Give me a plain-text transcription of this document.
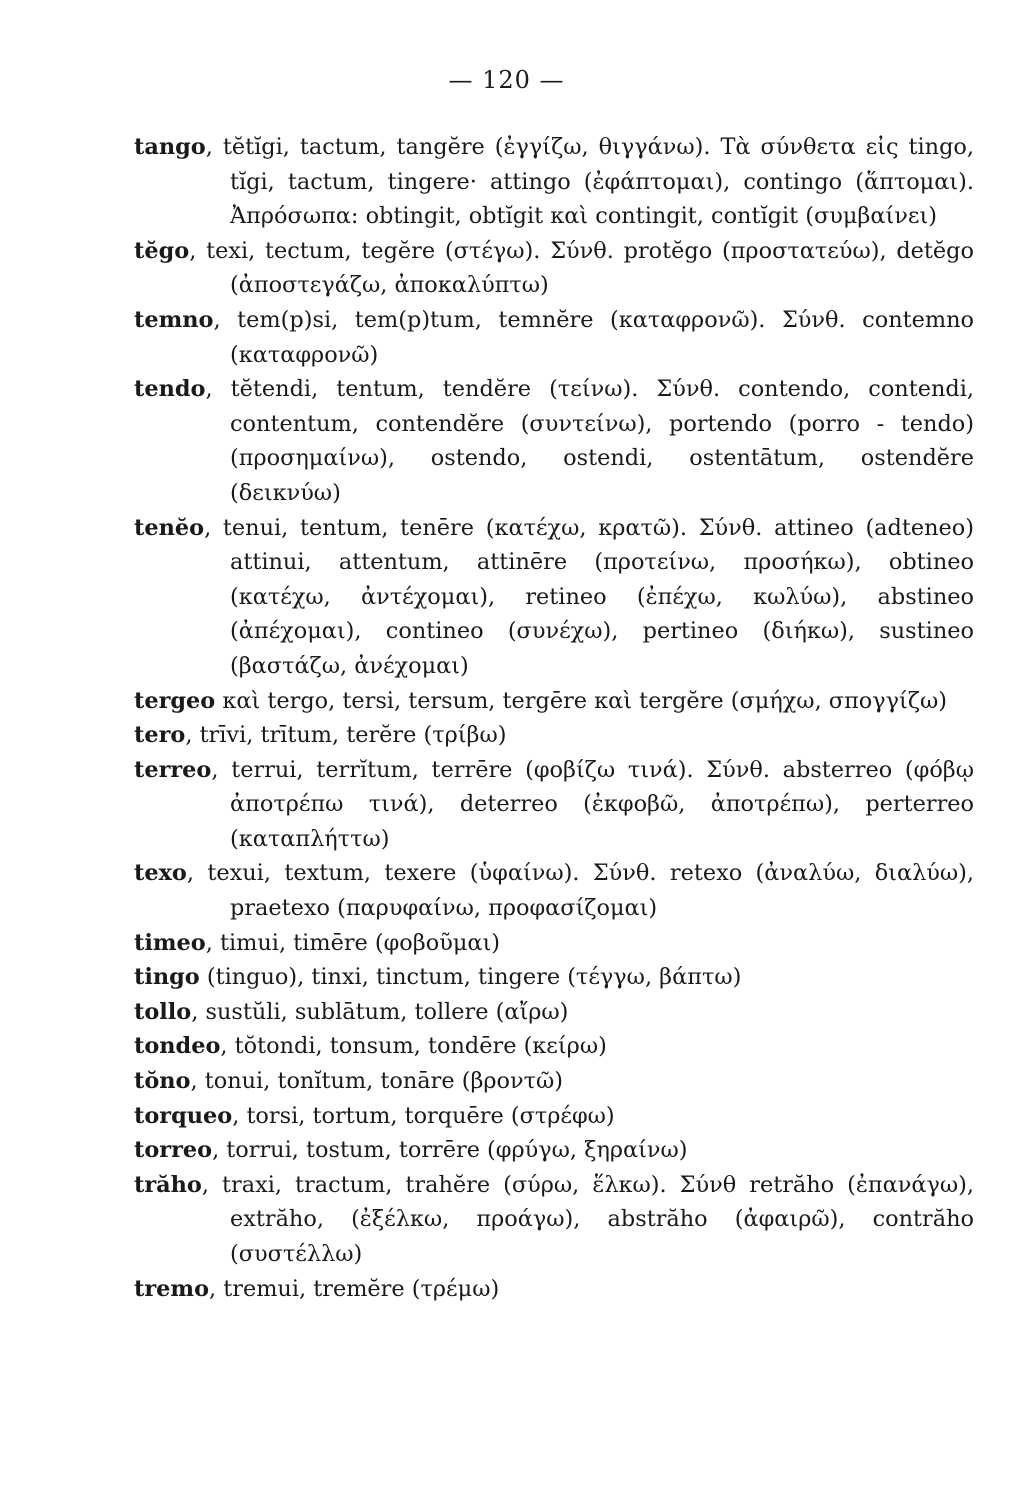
— 120 —
tango, tĕtĭgi, tactum, tangĕre (ἐγγίζω, θιγγάνω). Τὰ σύνθετα εἰς tingo, tĭgi, tactum, tingere· attingo (ἐφάπτομαι), contingo (ἅπτομαι). Ἀπρόσωπα: obtingit, obtĭgit καὶ contingit, contĭgit (συμβαίνει)
tĕgo, texi, tectum, tegĕre (στέγω). Σύνθ. protĕgo (προστατεύω), detĕgo (ἀποστεγάζω, ἀποκαλύπτω)
temno, tem(p)si, tem(p)tum, temnĕre (καταφρονῶ). Σύνθ. contemno (καταφρονῶ)
tendo, tĕtendi, tentum, tendĕre (τείνω). Σύνθ. contendo, contendi, contentum, contendĕre (συντείνω), portendo (porro - tendo) (προσημαίνω), ostendo, ostendi, ostentātum, ostendĕre (δεικνύω)
tenĕo, tenui, tentum, tenēre (κατέχω, κρατῶ). Σύνθ. attineo (adteneo) attinui, attentum, attinēre (προτείνω, προσήκω), obtineo (κατέχω, ἀντέχομαι), retineo (ἐπέχω, κωλύω), abstineo (ἀπέχομαι), contineo (συνέχω), pertineo (διήκω), sustineo (βαστάζω, ἀνέχομαι)
tergeo καὶ tergo, tersi, tersum, tergēre καὶ tergĕre (σμήχω, σπογγίζω)
tero, trīvi, trītum, terĕre (τρίβω)
terreo, terrui, terrĭtum, terrēre (φοβίζω τινά). Σύνθ. absterreo (φόβῳ ἀποτρέπω τινά), deterreo (ἐκφοβῶ, ἀποτρέπω), perterreo (καταπλήττω)
texo, texui, textum, texere (ὑφαίνω). Σύνθ. retexo (ἀναλύω, διαλύω), praetexo (παρυφαίνω, προφασίζομαι)
timeo, timui, timēre (φοβοῦμαι)
tingo (tinguo), tinxi, tinctum, tingere (τέγγω, βάπτω)
tollo, sustŭli, sublātum, tollere (αἴρω)
tondeo, tŏtondi, tonsum, tondēre (κείρω)
tŏno, tonui, tonĭtum, tonāre (βροντῶ)
torqueo, torsi, tortum, torquēre (στρέφω)
torreo, torrui, tostum, torrēre (φρύγω, ξηραίνω)
trăho, traxi, tractum, trahĕre (σύρω, ἕλκω). Σύνθ retrăho (ἐπανάγω), extrăho, (ἐξέλκω, προάγω), abstrăho (ἀφαιρῶ), contrăho (συστέλλω)
tremo, tremui, tremĕre (τρέμω)
